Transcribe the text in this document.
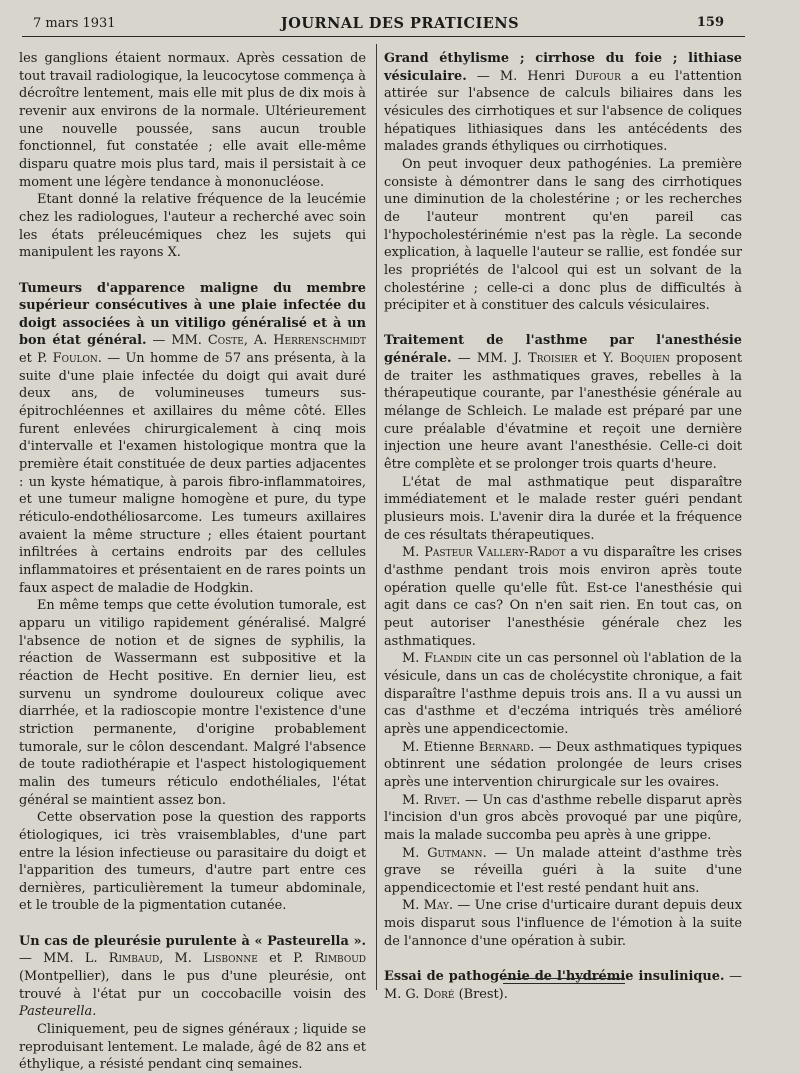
7 mars 1931	JOURNAL DES PRATICIENS	159

les ganglions étaient normaux. Après cessation de tout travail radiologique, la leucocytose commença à décroître lentement, mais elle mit plus de dix mois à revenir aux environs de la normale. Ultérieurement une nouvelle poussée, sans aucun trouble fonctionnel, fut constatée ; elle avait elle-même disparu quatre mois plus tard, mais il persistait à ce moment une légère tendance à mononucléose.

Etant donné la relative fréquence de la leucémie chez les radiologues, l'auteur a recherché avec soin les états préleucémiques chez les sujets qui manipulent les rayons X.

Tumeurs d'apparence maligne du membre supérieur consécutives à une plaie infectée du doigt associées à un vitiligo généralisé et à un bon état général. — MM. Coste, A. Herrenschmidt et P. Foulon. — Un homme de 57 ans présenta, à la suite d'une plaie infectée du doigt qui avait duré deux ans, de volumineuses tumeurs sus-épitrochléennes et axillaires du même côté. Elles furent enlevées chirurgicalement à cinq mois d'intervalle et l'examen histologique montra que la première était constituée de deux parties adjacentes : un kyste hématique, à parois fibro-inflammatoires, et une tumeur maligne homogène et pure, du type réticulo-endothéliosarcome. Les tumeurs axillaires avaient la même structure ; elles étaient pourtant infiltrées à certains endroits par des cellules inflammatoires et présentaient en de rares points un faux aspect de maladie de Hodgkin.

En même temps que cette évolution tumorale, est apparu un vitiligo rapidement généralisé. Malgré l'absence de notion et de signes de syphilis, la réaction de Wassermann est subpositive et la réaction de Hecht positive. En dernier lieu, est survenu un syndrome douloureux colique avec diarrhée, et la radioscopie montre l'existence d'une striction permanente, d'origine probablement tumorale, sur le côlon descendant. Malgré l'absence de toute radiothérapie et l'aspect histologiquement malin des tumeurs réticulo endothéliales, l'état général se maintient assez bon.

Cette observation pose la question des rapports étiologiques, ici très vraisemblables, d'une part entre la lésion infectieuse ou parasitaire du doigt et l'apparition des tumeurs, d'autre part entre ces dernières, particulièrement la tumeur abdominale, et le trouble de la pigmentation cutanée.

Un cas de pleurésie purulente à « Pasteurella ». — MM. L. Rimbaud, M. Lisbonne et P. Rimboud (Montpellier), dans le pus d'une pleurésie, ont trouvé à l'état pur un coccobacille voisin des Pasteurella.

Cliniquement, peu de signes généraux ; liquide se reproduisant lentement. Le malade, âgé de 82 ans et éthylique, a résisté pendant cinq semaines.

Grand éthylisme ; cirrhose du foie ; lithiase vésiculaire. — M. Henri Dufour a eu l'attention attirée sur l'absence de calculs biliaires dans les vésicules des cirrhotiques et sur l'absence de coliques hépatiques lithiasiques dans les antécédents des malades grands éthyliques ou cirrhotiques.

On peut invoquer deux pathogénies. La première consiste à démontrer dans le sang des cirrhotiques une diminution de la cholestérine ; or les recherches de l'auteur montrent qu'en pareil cas l'hypocholestérinémie n'est pas la règle. La seconde explication, à laquelle l'auteur se rallie, est fondée sur les propriétés de l'alcool qui est un solvant de la cholestérine ; celle-ci a donc plus de difficultés à précipiter et à constituer des calculs vésiculaires.

Traitement de l'asthme par l'anesthésie générale. — MM. J. Troisier et Y. Boquien proposent de traiter les asthmatiques graves, rebelles à la thérapeutique courante, par l'anesthésie générale au mélange de Schleich. Le malade est préparé par une cure préalable d'évatmine et reçoit une dernière injection une heure avant l'anesthésie. Celle-ci doit être complète et se prolonger trois quarts d'heure.

L'état de mal asthmatique peut disparaître immédiatement et le malade rester guéri pendant plusieurs mois. L'avenir dira la durée et la fréquence de ces résultats thérapeutiques.

M. Pasteur Vallery-Radot a vu disparaître les crises d'asthme pendant trois mois environ après toute opération quelle qu'elle fût. Est-ce l'anesthésie qui agit dans ce cas? On n'en sait rien. En tout cas, on peut autoriser l'anesthésie générale chez les asthmatiques.

M. Flandin cite un cas personnel où l'ablation de la vésicule, dans un cas de cholécystite chronique, a fait disparaître l'asthme depuis trois ans. Il a vu aussi un cas d'asthme et d'eczéma intriqués très amélioré après une appendicectomie.

M. Etienne Bernard. — Deux asthmatiques typiques obtinrent une sédation prolongée de leurs crises après une intervention chirurgicale sur les ovaires.

M. Rivet. — Un cas d'asthme rebelle disparut après l'incision d'un gros abcès provoqué par une piqûre, mais la malade succomba peu après à une grippe.

M. Gutmann. — Un malade atteint d'asthme très grave se réveilla guéri à la suite d'une appendicectomie et l'est resté pendant huit ans.

M. May. — Une crise d'urticaire durant depuis deux mois disparut sous l'influence de l'émotion à la suite de l'annonce d'une opération à subir.

Essai de pathogénie de l'hydrémie insulinique. — M. G. Doré (Brest).
